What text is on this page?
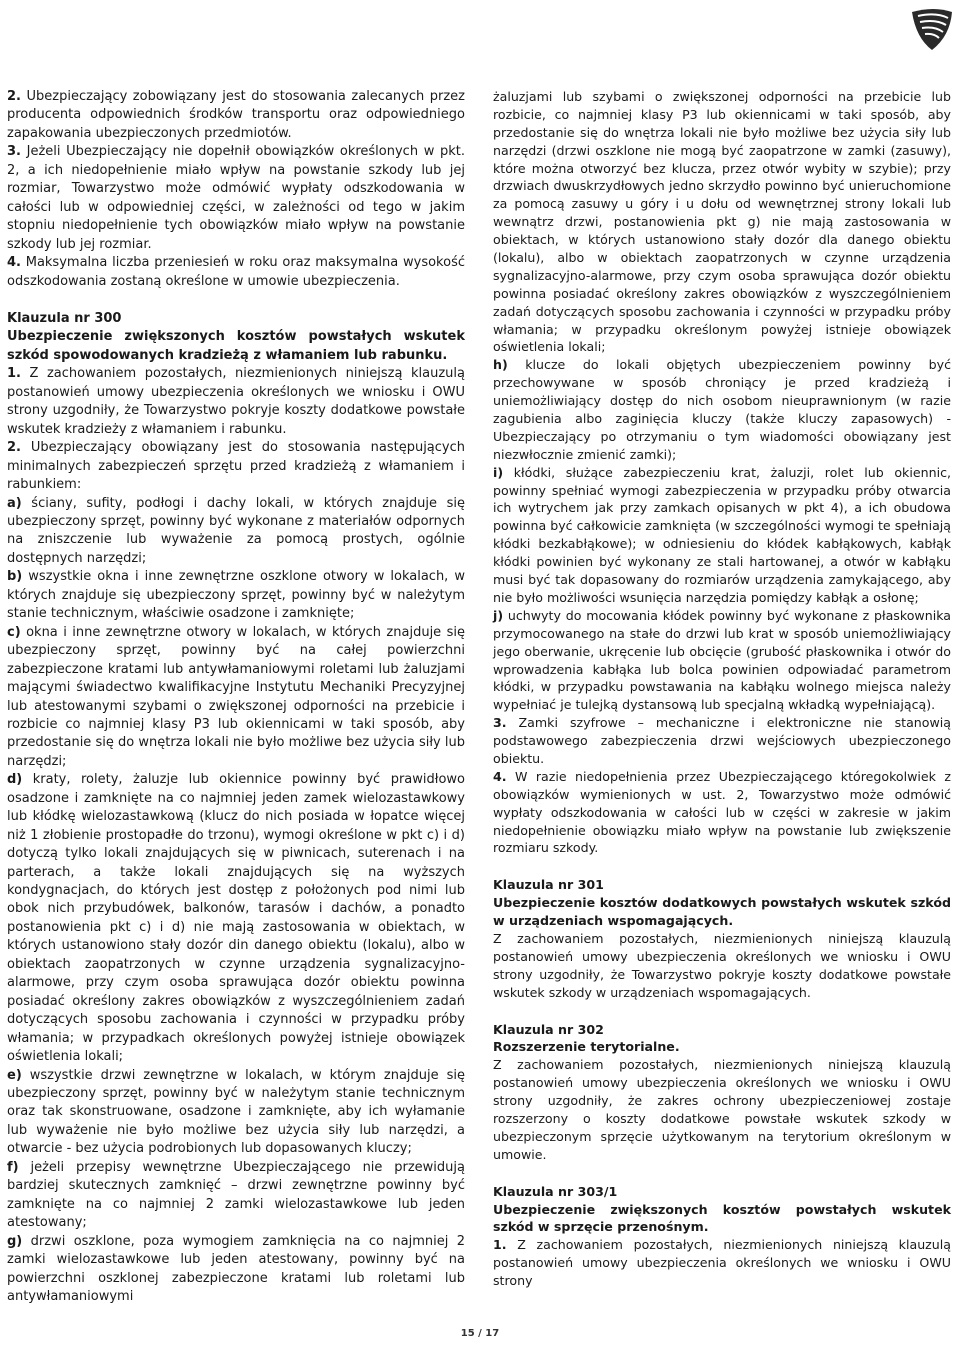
2. Ubezpieczający zobowiązany jest do stosowania zalecanych przez producenta odpowiednich środków transportu oraz odpowiedniego zapakowania ubezpieczonych przedmiotów.

3. Jeżeli Ubezpieczający nie dopełnił obowiązków określonych w pkt. 2, a ich niedopełnienie miało wpływ na powstanie szkody lub jej rozmiar, Towarzystwo może odmówić wypłaty odszkodowania w całości lub w odpowiedniej części, w zależności od tego w jakim stopniu niedopełnienie tych obowiązków miało wpływ na powstanie szkody lub jej rozmiar.

4. Maksymalna liczba przeniesień w roku oraz maksymalna wysokość odszkodowania zostaną określone w umowie ubezpieczenia.

Klauzula nr 300

Ubezpieczenie zwiększonych kosztów powstałych wskutek szkód spowodowanych kradzieżą z włamaniem lub rabunku.

1. Z zachowaniem pozostałych, niezmienionych niniejszą klauzulą postanowień umowy ubezpieczenia określonych we wniosku i OWU strony uzgodniły, że Towarzystwo pokryje koszty dodatkowe powstałe wskutek kradzieży z włamaniem i rabunku.

2. Ubezpieczający obowiązany jest do stosowania następujących minimalnych zabezpieczeń sprzętu przed kradzieżą z włamaniem i rabunkiem:

a) ściany, sufity, podłogi i dachy lokali, w których znajduje się ubezpieczony sprzęt, powinny być wykonane z materiałów odpornych na zniszczenie lub wyważenie za pomocą prostych, ogólnie dostępnych narzędzi;

b) wszystkie okna i inne zewnętrzne oszklone otwory w lokalach, w których znajduje się ubezpieczony sprzęt, powinny być w należytym stanie technicznym, właściwie osadzone i zamknięte;

c) okna i inne zewnętrzne otwory w lokalach, w których znajduje się ubezpieczony sprzęt, powinny być na całej powierzchni zabezpieczone kratami lub antywłamaniowymi roletami lub żaluzjami mającymi świadectwo kwalifikacyjne Instytutu Mechaniki Precyzyjnej lub atestowanymi szybami o zwiększonej odporności na przebicie i rozbicie co najmniej klasy P3 lub okiennicami w taki sposób, aby przedostanie się do wnętrza lokali nie było możliwe bez użycia siły lub narzędzi;

d) kraty, rolety, żaluzje lub okiennice powinny być prawidłowo osadzone i zamknięte na co najmniej jeden zamek wielozastawkowy lub kłódkę wielozastawkową (klucz do nich posiada w łopatce więcej niż 1 złobienie prostopadłe do trzonu), wymogi określone w pkt c) i d) dotyczą tylko lokali znajdujących się w piwnicach, suterenach i na parterach, a także lokali znajdujących się na wyższych kondygnacjach, do których jest dostęp z położonych pod nimi lub obok nich przybudówek, balkonów, tarasów i dachów, a ponadto postanowienia pkt c) i d) nie mają zastosowania w obiektach, w których ustanowiono stały dozór din danego obiektu (lokalu), albo w obiektach zaopatrzonych w czynne urządzenia sygnalizacyjno-alarmowe, przy czym osoba sprawująca dozór obiektu powinna posiadać określony zakres obowiązków z wyszczególnieniem zadań dotyczących sposobu zachowania i czynności w przypadku próby włamania; w przypadkach określonych powyżej istnieje obowiązek oświetlenia lokali;

e) wszystkie drzwi zewnętrzne w lokalach, w którym znajduje się ubezpieczony sprzęt, powinny być w należytym stanie technicznym oraz tak skonstruowane, osadzone i zamknięte, aby ich wyłamanie lub wyważenie nie było możliwe bez użycia siły lub narzędzi, a otwarcie - bez użycia podrobionych lub dopasowanych kluczy;

f) jeżeli przepisy wewnętrzne Ubezpieczającego nie przewidują bardziej skutecznych zamknięć – drzwi zewnętrzne powinny być zamknięte na co najmniej 2 zamki wielozastawkowe lub jeden atestowany;

g) drzwi oszklone, poza wymogiem zamknięcia na co najmniej 2 zamki wielozastawkowe lub jeden atestowany, powinny być na powierzchni oszklonej zabezpieczone kratami lub roletami lub antywłamaniowymi

żaluzjami lub szybami o zwiększonej odporności na przebicie lub rozbicie, co najmniej klasy P3 lub okiennicami w taki sposób, aby przedostanie się do wnętrza lokali nie było możliwe bez użycia siły lub narzędzi (drzwi oszklone nie mogą być zaopatrzone w zamki (zasuwy), które można otworzyć bez klucza, przez otwór wybity w szybie); przy drzwiach dwuskrzydłowych jedno skrzydło powinno być unieruchomione za pomocą zasuwy u góry i u dołu od wewnętrznej strony lokali lub wewnątrz drzwi, postanowienia pkt g) nie mają zastosowania w obiektach, w których ustanowiono stały dozór dla danego obiektu (lokalu), albo w obiektach zaopatrzonych w czynne urządzenia sygnalizacyjno-alarmowe, przy czym osoba sprawująca dozór obiektu powinna posiadać określony zakres obowiązków z wyszczególnieniem zadań dotyczących sposobu zachowania i czynności w przypadku próby włamania; w przypadku określonym powyżej istnieje obowiązek oświetlenia lokali;

h) klucze do lokali objętych ubezpieczeniem powinny być przechowywane w sposób chroniący je przed kradzieżą i uniemożliwiający dostęp do nich osobom nieuprawnionym (w razie zagubienia albo zaginięcia kluczy (także kluczy zapasowych) - Ubezpieczający po otrzymaniu o tym wiadomości obowiązany jest niezwłocznie zmienić zamki);

i) kłódki, służące zabezpieczeniu krat, żaluzji, rolet lub okiennic, powinny spełniać wymogi zabezpieczenia w przypadku próby otwarcia ich wytrychem jak przy zamkach opisanych w pkt 4), a ich obudowa powinna być całkowicie zamknięta (w szczególności wymogi te spełniają kłódki bezkabłąkowe); w odniesieniu do kłódek kabłąkowych, kabłąk kłódki powinien być wykonany ze stali hartowanej, a otwór w kabłąku musi być tak dopasowany do rozmiarów urządzenia zamykającego, aby nie było możliwości wsunięcia narzędzia pomiędzy kabłąk a osłonę;

j) uchwyty do mocowania kłódek powinny być wykonane z płaskownika przymocowanego na stałe do drzwi lub krat w sposób uniemożliwiający jego oberwanie, ukręcenie lub obcięcie (grubość płaskownika i otwór do wprowadzenia kabłąka lub bolca powinien odpowiadać parametrom kłódki, w przypadku powstawania na kabłąku wolnego miejsca należy wypełniać je tulejką dystansową lub specjalną wkładką wypełniającą).

3. Zamki szyfrowe – mechaniczne i elektroniczne nie stanowią podstawowego zabezpieczenia drzwi wejściowych ubezpieczonego obiektu.

4. W razie niedopełnienia przez Ubezpieczającego któregokolwiek z obowiązków wymienionych w ust. 2, Towarzystwo może odmówić wypłaty odszkodowania w całości lub w części w zakresie w jakim niedopełnienie obowiązku miało wpływ na powstanie lub zwiększenie rozmiaru szkody.

Klauzula nr 301

Ubezpieczenie kosztów dodatkowych powstałych wskutek szkód w urządzeniach wspomagających.

Z zachowaniem pozostałych, niezmienionych niniejszą klauzulą postanowień umowy ubezpieczenia określonych we wniosku i OWU strony uzgodniły, że Towarzystwo pokryje koszty dodatkowe powstałe wskutek szkody w urządzeniach wspomagających.

Klauzula nr 302

Rozszerzenie terytorialne.

Z zachowaniem pozostałych, niezmienionych niniejszą klauzulą postanowień umowy ubezpieczenia określonych we wniosku i OWU strony uzgodniły, że zakres ochrony ubezpieczeniowej zostaje rozszerzony o koszty dodatkowe powstałe wskutek szkody w ubezpieczonym sprzęcie użytkowanym na terytorium określonym w umowie.

Klauzula nr 303/1

Ubezpieczenie zwiększonych kosztów powstałych wskutek szkód w sprzęcie przenośnym.

1. Z zachowaniem pozostałych, niezmienionych niniejszą klauzulą postanowień umowy ubezpieczenia określonych we wniosku i OWU strony

15 / 17
